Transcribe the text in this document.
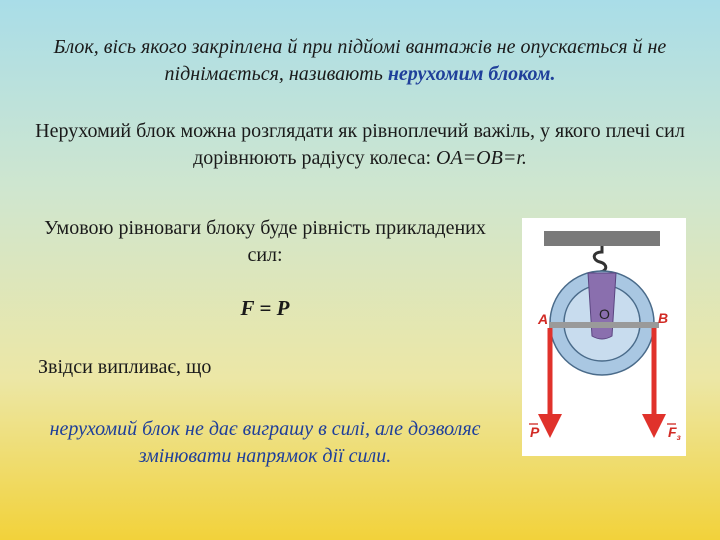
Блок, вісь якого закріплена й при підйомі вантажів не опускається й не піднімається, називають нерухомим блоком.
Нерухомий блок можна розглядати як рівноплечий важіль, у якого плечі сил дорівнюють радіусу колеса: OA=OB=r.
Умовою рівноваги блоку буде рівність прикладених сил:
F = P
Звідси випливає, що
нерухомий блок не дає виграшу в силі, але дозволяє змінювати напрямок дії сили.
O
A	B
P	$F_з$
